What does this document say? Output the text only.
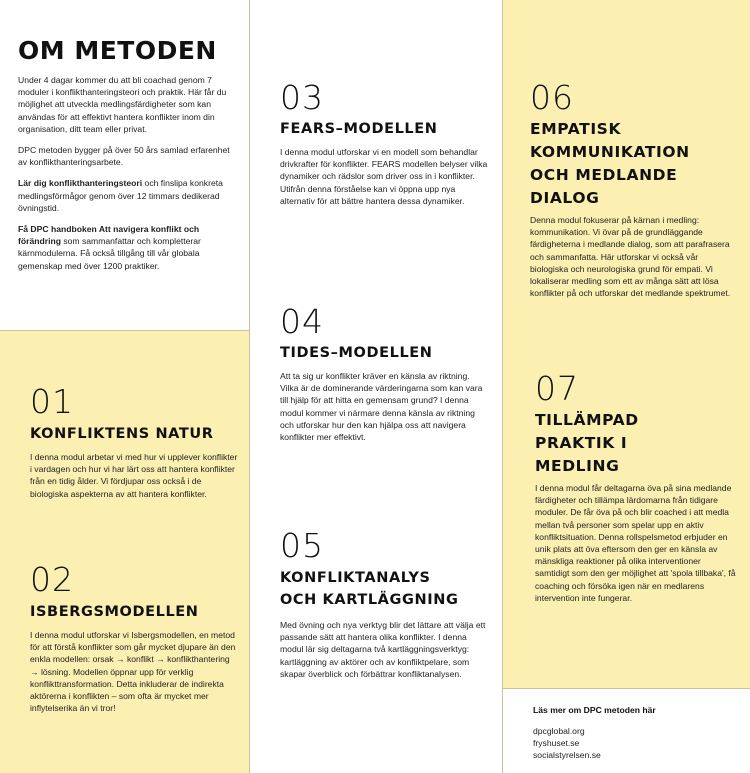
OM METODEN

Under 4 dagar kommer du att bli coachad genom 7 moduler i konflikthanteringsteori och praktik. Här får du möjlighet att utveckla medlingsfärdigheter som kan användas för att effektivt hantera konflikter inom din organisation, ditt team eller privat.

DPC metoden bygger på över 50 års samlad erfarenhet av konflikthanteringsarbete.

Lär dig konflikthanteringsteori och finslipa konkreta medlingsförmågor genom över 12 timmars dedikerad övningstid.

Få DPC handboken Att navigera konflikt och förändring som sammanfattar och kompletterar kärnmodulerna. Få också tillgång till vår globala gemenskap med över 1200 praktiker.

01
KONFLIKTENS NATUR
I denna modul arbetar vi med hur vi upplever konflikter i vardagen och hur vi har lärt oss att hantera konflikter från en tidig ålder. Vi fördjupar oss också i de biologiska aspekterna av att hantera konflikter.
02
ISBERGSMODELLEN
I denna modul utforskar vi Isbergsmodellen, en metod för att förstå konflikter som går mycket djupare än den enkla modellen: orsak → konflikt → konflikthantering → lösning. Modellen öppnar upp för verklig konflikttransformation. Detta inkluderar de indirekta aktörerna i konflikten – som ofta är mycket mer inflytelserika än vi tror!
03
FEARS–MODELLEN
I denna modul utforskar vi en modell som behandlar drivkrafter för konflikter. FEARS modellen belyser vilka dynamiker och rädslor som driver oss in i konflikter. Utifrån denna förståelse kan vi öppna upp nya alternativ för att bättre hantera dessa dynamiker.
04
TIDES–MODELLEN
Att ta sig ur konflikter kräver en känsla av riktning. Vilka är de dominerande värderingarna som kan vara till hjälp för att hitta en gemensam grund? I denna modul kommer vi närmare denna känsla av riktning och utforskar hur den kan hjälpa oss att navigera konflikter mer effektivt.
05
KONFLIKTANALYS
OCH KARTLÄGGNING
Med övning och nya verktyg blir det lättare att välja ett passande sätt att hantera olika konflikter. I denna modul lär sig deltagarna två kartläggningsverktyg: kartläggning av aktörer och av konfliktpelare, som skapar överblick och förbättrar konfliktanalysen.
06
EMPATISK
KOMMUNIKATION
OCH MEDLANDE
DIALOG
Denna modul fokuserar på kärnan i medling: kommunikation. Vi övar på de grundläggande färdigheterna i medlande dialog, som att parafrasera och sammanfatta. Här utforskar vi också vår biologiska och neurologiska grund för empati. Vi lokaliserar medling som ett av många sätt att lösa konflikter på och utforskar det medlande spektrumet.
07
TILLÄMPAD
PRAKTIK I
MEDLING
I denna modul får deltagarna öva på sina medlande färdigheter och tillämpa lärdomarna från tidigare moduler. De får öva på och blir coached i att medla mellan två personer som spelar upp en aktiv konfliktsituation. Denna rollspelsmetod erbjuder en unik plats att öva eftersom den ger en känsla av mänskliga reaktioner på olika interventioner samtidigt som den ger möjlighet att 'spola tillbaka', få coaching och försöka igen när en medlarens intervention inte fungerar.
Läs mer om DPC metoden här
dpcglobal.org
fryshuset.se
socialstyrelsen.se
